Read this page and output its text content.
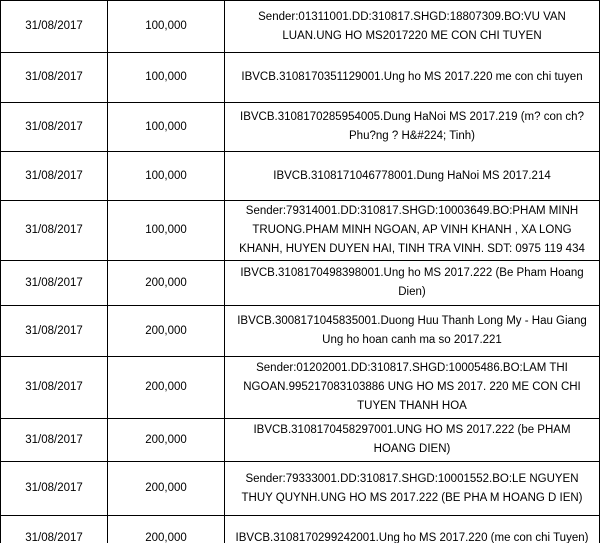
31/08/2017	100,000	Sender:01311001.DD:310817.SHGD:18807309.BO:VU VAN LUAN.UNG HO MS2017220 ME CON CHI TUYEN
31/08/2017	100,000	IBVCB.3108170351129001.Ung ho MS 2017.220 me con chi tuyen
31/08/2017	100,000	IBVCB.3108170285954005.Dung HaNoi MS 2017.219 (m? con ch? Phu?ng ? H&#224; Tinh)
31/08/2017	100,000	IBVCB.3108171046778001.Dung HaNoi MS 2017.214
31/08/2017	100,000	Sender:79314001.DD:310817.SHGD:10003649.BO:PHAM MINH TRUONG.PHAM MINH NGOAN, AP VINH KHANH , XA LONG KHANH, HUYEN DUYEN HAI, TINH TRA VINH. SDT: 0975 119 434
31/08/2017	200,000	IBVCB.3108170498398001.Ung ho MS 2017.222 (Be Pham Hoang Dien)
31/08/2017	200,000	IBVCB.3008171045835001.Duong Huu Thanh Long My - Hau Giang Ung ho hoan canh ma so 2017.221
31/08/2017	200,000	Sender:01202001.DD:310817.SHGD:10005486.BO:LAM THI NGOAN.995217083103886 UNG HO MS 2017. 220 ME CON CHI TUYEN THANH HOA
31/08/2017	200,000	IBVCB.3108170458297001.UNG HO MS 2017.222 (be PHAM HOANG DIEN)
31/08/2017	200,000	Sender:79333001.DD:310817.SHGD:10001552.BO:LE NGUYEN THUY QUYNH.UNG HO MS 2017.222 (BE PHA M HOANG D IEN)
31/08/2017	200,000	IBVCB.3108170299242001.Ung ho MS 2017.220 (me con chi Tuyen)
